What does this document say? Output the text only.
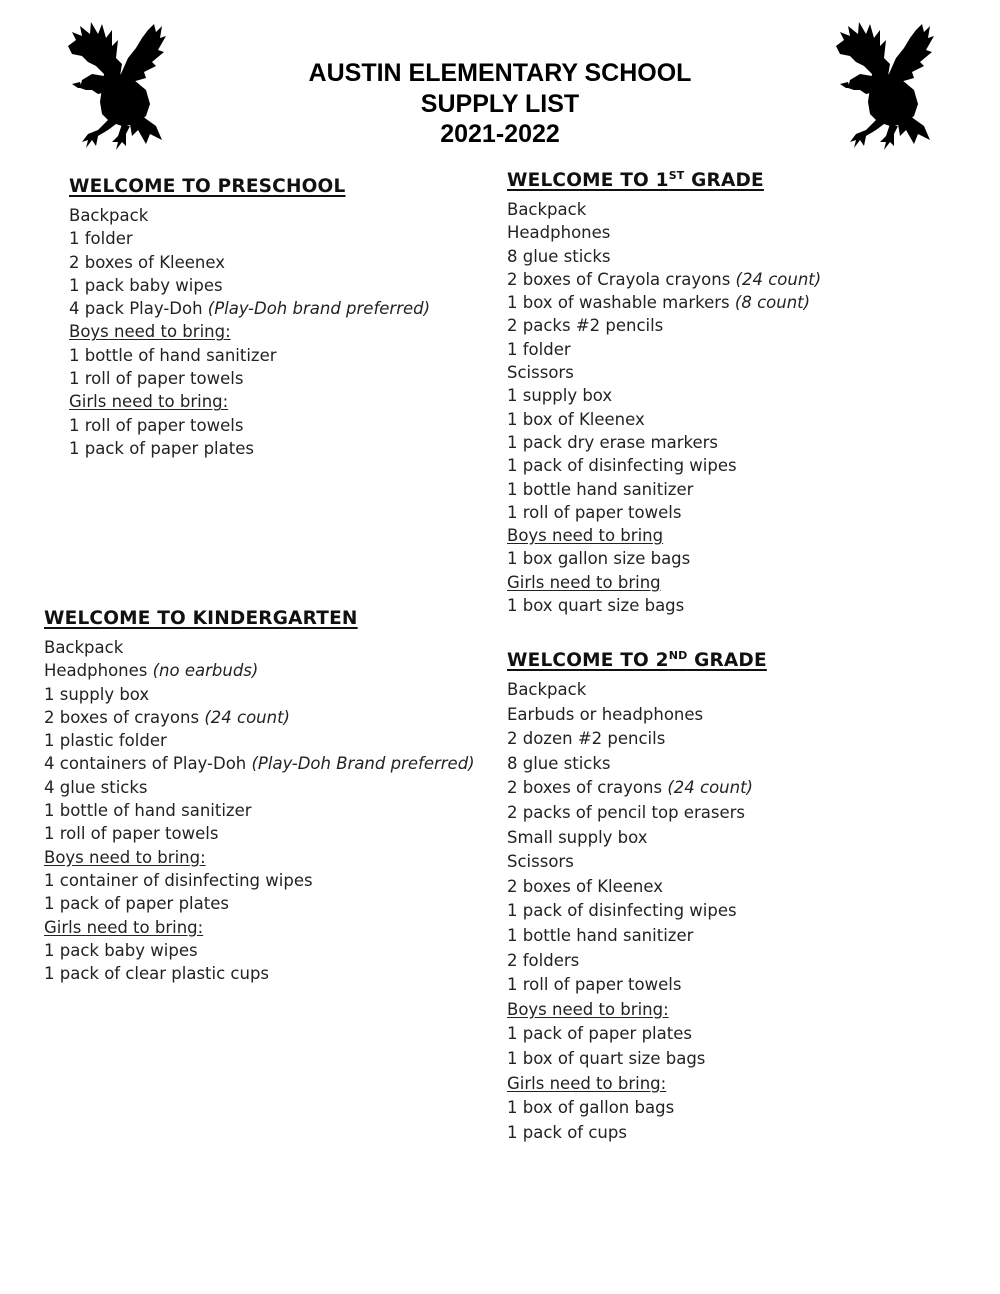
AUSTIN ELEMENTARY SCHOOL
SUPPLY LIST
2021-2022
WELCOME TO PRESCHOOL
Backpack
1 folder
2 boxes of Kleenex
1 pack baby wipes
4 pack Play-Doh (Play-Doh brand preferred)
Boys need to bring:
1 bottle of hand sanitizer
1 roll of paper towels
Girls need to bring:
1 roll of paper towels
1 pack of paper plates
WELCOME TO 1ST GRADE
Backpack
Headphones
8 glue sticks
2 boxes of Crayola crayons (24 count)
1 box of washable markers (8 count)
2 packs #2 pencils
1 folder
Scissors
1 supply box
1 box of Kleenex
1 pack dry erase markers
1 pack of disinfecting wipes
1 bottle hand sanitizer
1 roll of paper towels
Boys need to bring
1 box gallon size bags
Girls need to bring
1 box quart size bags
WELCOME TO KINDERGARTEN
Backpack
Headphones (no earbuds)
1 supply box
2 boxes of crayons (24 count)
1 plastic folder
4 containers of Play-Doh (Play-Doh Brand preferred)
4 glue sticks
1 bottle of hand sanitizer
1 roll of paper towels
Boys need to bring:
1 container of disinfecting wipes
1 pack of paper plates
Girls need to bring:
1 pack baby wipes
1 pack of clear plastic cups
WELCOME TO 2ND GRADE
Backpack
Earbuds or headphones
2 dozen #2 pencils
8 glue sticks
2 boxes of crayons (24 count)
2 packs of pencil top erasers
Small supply box
Scissors
2 boxes of Kleenex
1 pack of disinfecting wipes
1 bottle hand sanitizer
2 folders
1 roll of paper towels
Boys need to bring:
1 pack of paper plates
1 box of quart size bags
Girls need to bring:
1 box of gallon bags
1 pack of cups
